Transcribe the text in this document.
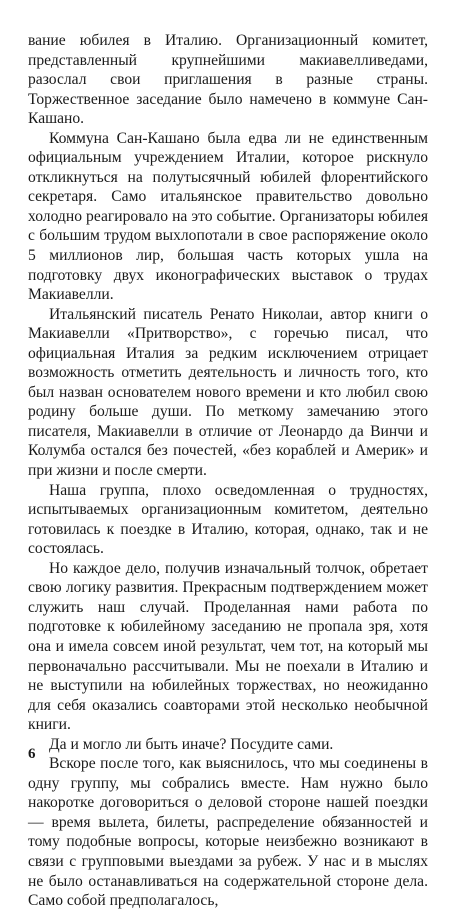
вание юбилея в Италию. Организационный комитет, представленный крупнейшими макиавелливедами, разослал свои приглашения в разные страны. Торжественное заседание было намечено в коммуне Сан-Кашано.

Коммуна Сан-Кашано была едва ли не единственным официальным учреждением Италии, которое рискнуло откликнуться на полутысячный юбилей флорентийского секретаря. Само итальянское правительство довольно холодно реагировало на это событие. Организаторы юбилея с большим трудом выхлопотали в свое распоряжение около 5 миллионов лир, большая часть которых ушла на подготовку двух иконографических выставок о трудах Макиавелли.

Итальянский писатель Ренато Николаи, автор книги о Макиавелли «Притворство», с горечью писал, что официальная Италия за редким исключением отрицает возможность отметить деятельность и личность того, кто был назван основателем нового времени и кто любил свою родину больше души. По меткому замечанию этого писателя, Макиавелли в отличие от Леонардо да Винчи и Колумба остался без почестей, «без кораблей и Америк» и при жизни и после смерти.

Наша группа, плохо осведомленная о трудностях, испытываемых организационным комитетом, деятельно готовилась к поездке в Италию, которая, однако, так и не состоялась.

Но каждое дело, получив изначальный толчок, обретает свою логику развития. Прекрасным подтверждением может служить наш случай. Проделанная нами работа по подготовке к юбилейному заседанию не пропала зря, хотя она и имела совсем иной результат, чем тот, на который мы первоначально рассчитывали. Мы не поехали в Италию и не выступили на юбилейных торжествах, но неожиданно для себя оказались соавторами этой несколько необычной книги.

Да и могло ли быть иначе? Посудите сами.

Вскоре после того, как выяснилось, что мы соединены в одну группу, мы собрались вместе. Нам нужно было накоротке договориться о деловой стороне нашей поездки — время вылета, билеты, распределение обязанностей и тому подобные вопросы, которые неизбежно возникают в связи с групповыми выездами за рубеж. У нас и в мыслях не было останавливаться на содержательной стороне дела. Само собой предполагалось,

6
